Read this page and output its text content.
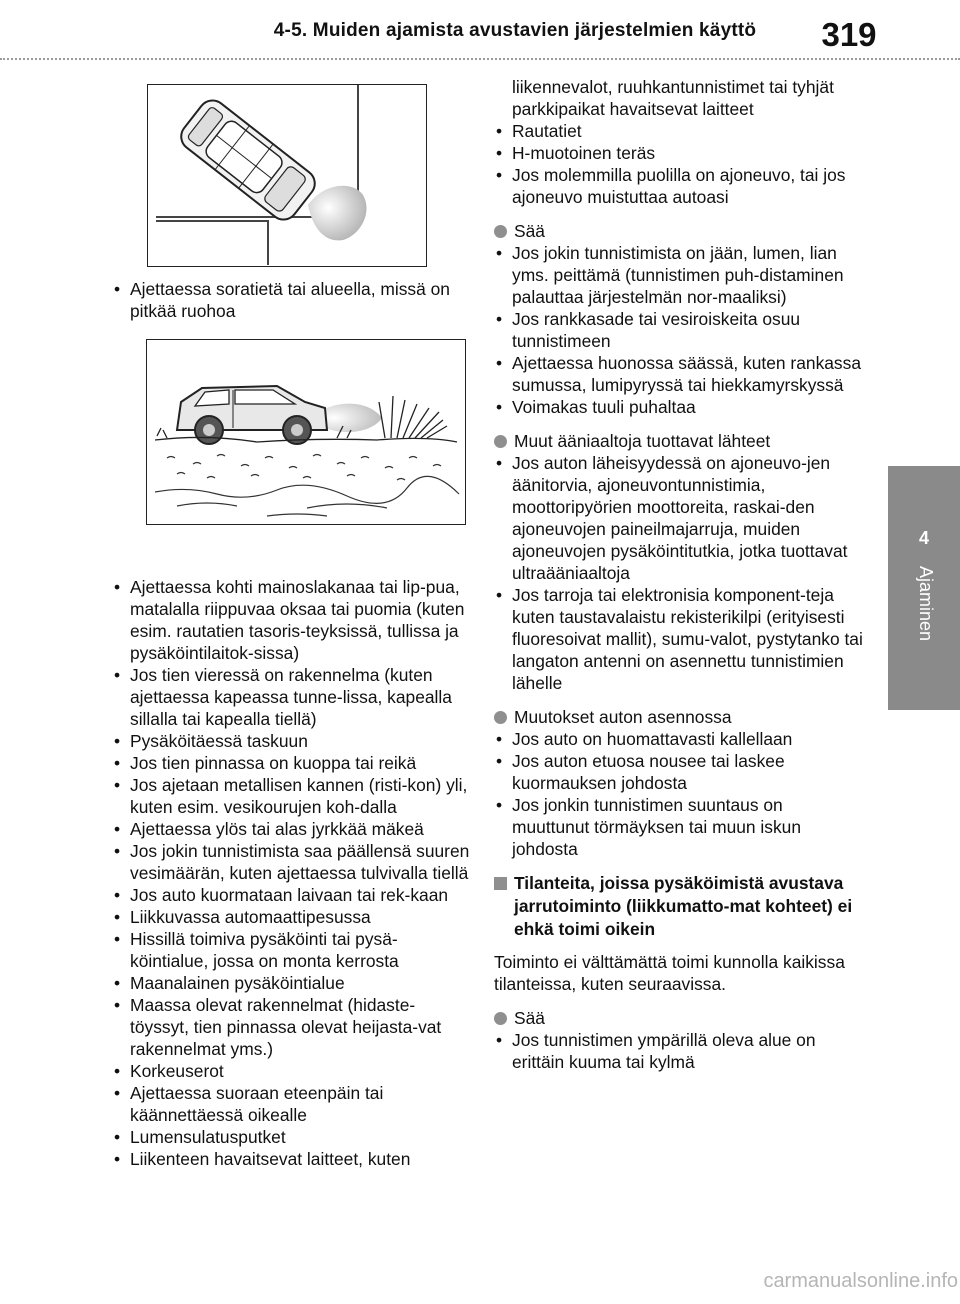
4-5. Muiden ajamista avustavien järjestelmien käyttö	319
4
Ajaminen
• Ajettaessa soratietä tai alueella, missä on pitkää ruohoa
• Ajettaessa kohti mainoslakanaa tai lip-pua, matalalla riippuvaa oksaa tai puomia (kuten esim. rautatien tasoris-teyksissä, tullissa ja pysäköintilaitok-sissa)
• Jos tien vieressä on rakennelma (kuten ajettaessa kapeassa tunne-lissa, kapealla sillalla tai kapealla tiellä)
• Pysäköitäessä taskuun
• Jos tien pinnassa on kuoppa tai reikä
• Jos ajetaan metallisen kannen (risti-kon) yli, kuten esim. vesikourujen koh-dalla
• Ajettaessa ylös tai alas jyrkkää mäkeä
• Jos jokin tunnistimista saa päällensä suuren vesimäärän, kuten ajettaessa tulvivalla tiellä
• Jos auto kuormataan laivaan tai rek-kaan
• Liikkuvassa automaattipesussa
• Hissillä toimiva pysäköinti tai pysä-köintialue, jossa on monta kerrosta
• Maanalainen pysäköintialue
• Maassa olevat rakennelmat (hidaste-töyssyt, tien pinnassa olevat heijasta-vat rakennelmat yms.)
• Korkeuserot
• Ajettaessa suoraan eteenpäin tai käännettäessä oikealle
• Lumensulatusputket
• Liikenteen havaitsevat laitteet, kuten
liikennevalot, ruuhkantunnistimet tai tyhjät parkkipaikat havaitsevat laitteet
• Rautatiet
• H-muotoinen teräs
• Jos molemmilla puolilla on ajoneuvo, tai jos ajoneuvo muistuttaa autoasi
Sää
• Jos jokin tunnistimista on jään, lumen, lian yms. peittämä (tunnistimen puh-distaminen palauttaa järjestelmän nor-maaliksi)
• Jos rankkasade tai vesiroiskeita osuu tunnistimeen
• Ajettaessa huonossa säässä, kuten rankassa sumussa, lumipyryssä tai hiekkamyrskyssä
• Voimakas tuuli puhaltaa
Muut ääniaaltoja tuottavat lähteet
• Jos auton läheisyydessä on ajoneuvo-jen äänitorvia, ajoneuvontunnistimia, moottoripyörien moottoreita, raskai-den ajoneuvojen paineilmajarruja, muiden ajoneuvojen pysäköintitutkia, jotka tuottavat ultraääniaaltoja
• Jos tarroja tai elektronisia komponent-teja kuten taustavalaistu rekisterikilpi (erityisesti fluoresoivat mallit), sumu-valot, pystytanko tai langaton antenni on asennettu tunnistimien lähelle
Muutokset auton asennossa
• Jos auto on huomattavasti kallellaan
• Jos auton etuosa nousee tai laskee kuormauksen johdosta
• Jos jonkin tunnistimen suuntaus on muuttunut törmäyksen tai muun iskun johdosta
Tilanteita, joissa pysäköimistä avustava jarrutoiminto (liikkumatto-mat kohteet) ei ehkä toimi oikein
Toiminto ei välttämättä toimi kunnolla kaikissa tilanteissa, kuten seuraavissa.
Sää
• Jos tunnistimen ympärillä oleva alue on erittäin kuuma tai kylmä
carmanualsonline.info
